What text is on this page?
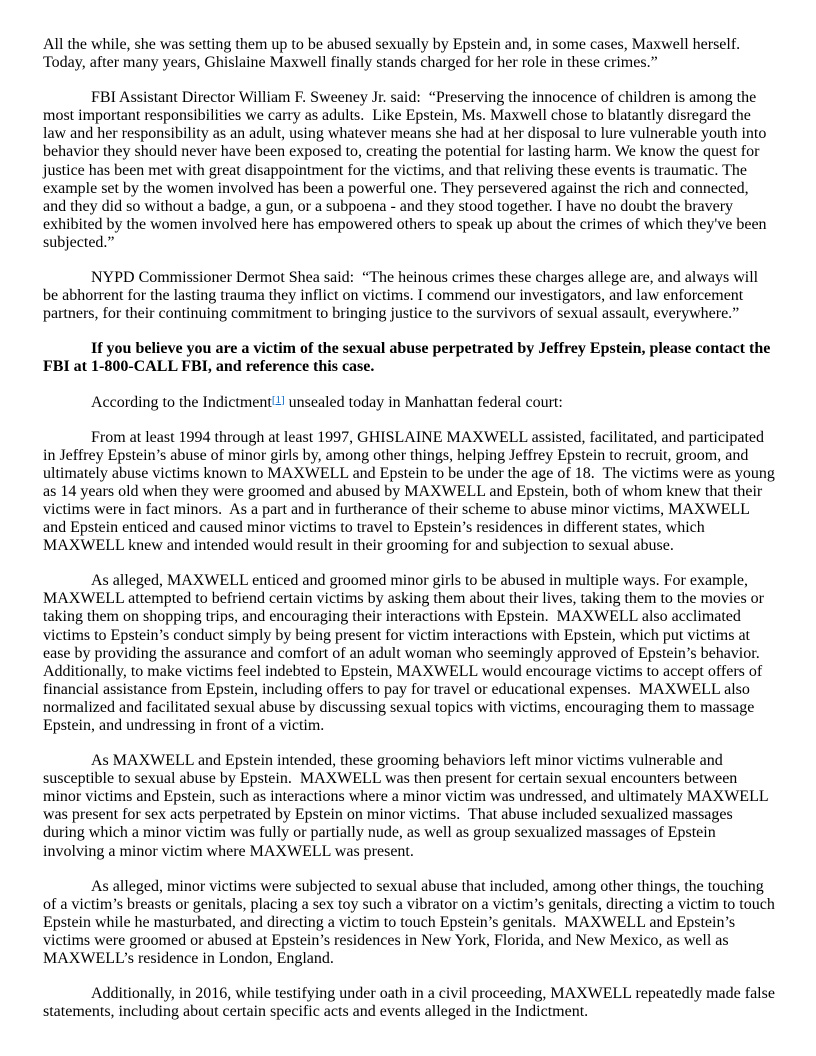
All the while, she was setting them up to be abused sexually by Epstein and, in some cases, Maxwell herself. Today, after many years, Ghislaine Maxwell finally stands charged for her role in these crimes.”

FBI Assistant Director William F. Sweeney Jr. said:  “Preserving the innocence of children is among the most important responsibilities we carry as adults.  Like Epstein, Ms. Maxwell chose to blatantly disregard the law and her responsibility as an adult, using whatever means she had at her disposal to lure vulnerable youth into behavior they should never have been exposed to, creating the potential for lasting harm. We know the quest for justice has been met with great disappointment for the victims, and that reliving these events is traumatic. The example set by the women involved has been a powerful one. They persevered against the rich and connected, and they did so without a badge, a gun, or a subpoena - and they stood together. I have no doubt the bravery exhibited by the women involved here has empowered others to speak up about the crimes of which they've been subjected.”

NYPD Commissioner Dermot Shea said:  “The heinous crimes these charges allege are, and always will be abhorrent for the lasting trauma they inflict on victims. I commend our investigators, and law enforcement partners, for their continuing commitment to bringing justice to the survivors of sexual assault, everywhere.”

If you believe you are a victim of the sexual abuse perpetrated by Jeffrey Epstein, please contact the FBI at 1-800-CALL FBI, and reference this case.

According to the Indictment[1] unsealed today in Manhattan federal court:

From at least 1994 through at least 1997, GHISLAINE MAXWELL assisted, facilitated, and participated in Jeffrey Epstein’s abuse of minor girls by, among other things, helping Jeffrey Epstein to recruit, groom, and ultimately abuse victims known to MAXWELL and Epstein to be under the age of 18.  The victims were as young as 14 years old when they were groomed and abused by MAXWELL and Epstein, both of whom knew that their victims were in fact minors.  As a part and in furtherance of their scheme to abuse minor victims, MAXWELL and Epstein enticed and caused minor victims to travel to Epstein’s residences in different states, which MAXWELL knew and intended would result in their grooming for and subjection to sexual abuse.

As alleged, MAXWELL enticed and groomed minor girls to be abused in multiple ways. For example, MAXWELL attempted to befriend certain victims by asking them about their lives, taking them to the movies or taking them on shopping trips, and encouraging their interactions with Epstein.  MAXWELL also acclimated victims to Epstein’s conduct simply by being present for victim interactions with Epstein, which put victims at ease by providing the assurance and comfort of an adult woman who seemingly approved of Epstein’s behavior. Additionally, to make victims feel indebted to Epstein, MAXWELL would encourage victims to accept offers of financial assistance from Epstein, including offers to pay for travel or educational expenses.  MAXWELL also normalized and facilitated sexual abuse by discussing sexual topics with victims, encouraging them to massage Epstein, and undressing in front of a victim.

As MAXWELL and Epstein intended, these grooming behaviors left minor victims vulnerable and susceptible to sexual abuse by Epstein.  MAXWELL was then present for certain sexual encounters between minor victims and Epstein, such as interactions where a minor victim was undressed, and ultimately MAXWELL was present for sex acts perpetrated by Epstein on minor victims.  That abuse included sexualized massages during which a minor victim was fully or partially nude, as well as group sexualized massages of Epstein involving a minor victim where MAXWELL was present.

As alleged, minor victims were subjected to sexual abuse that included, among other things, the touching of a victim’s breasts or genitals, placing a sex toy such a vibrator on a victim’s genitals, directing a victim to touch Epstein while he masturbated, and directing a victim to touch Epstein’s genitals.  MAXWELL and Epstein’s victims were groomed or abused at Epstein’s residences in New York, Florida, and New Mexico, as well as MAXWELL’s residence in London, England.

Additionally, in 2016, while testifying under oath in a civil proceeding, MAXWELL repeatedly made false statements, including about certain specific acts and events alleged in the Indictment.
